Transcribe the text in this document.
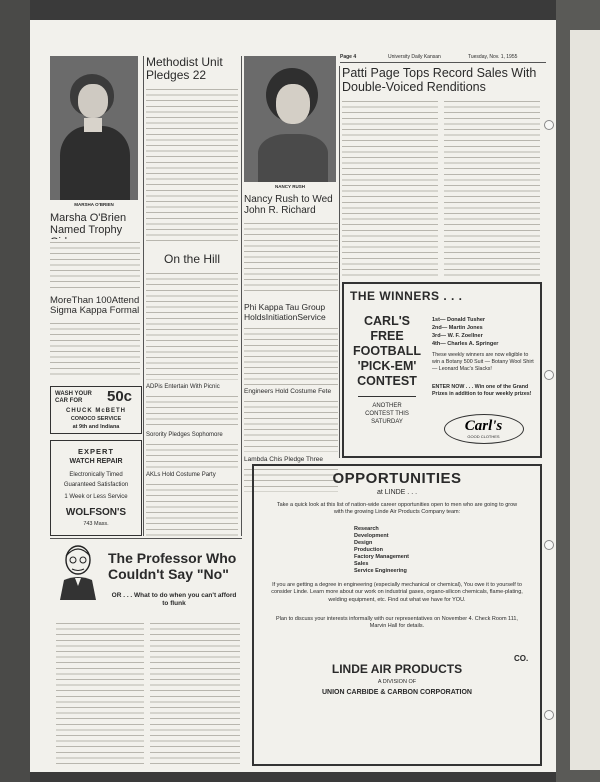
Page 4	University Daily Kansan	Tuesday, Nov. 1, 1955
MARSHA O'BRIEN
Marsha O'Brien Named Trophy
MoreThan 100Attend Sigma Kappa Formal
WASH YOUR
CAR FOR 50c
CHUCK McBETH
CONOCO SERVICE
at 9th and Indiana
EXPERT
WATCH REPAIR
Electronically Timed
Guaranteed Satisfaction
1 Week or Less Service
WOLFSON'S
743 Mass.
Methodist Unit Pledges 22
On the Hill
ADPis Entertain With Picnic
Sorority Pledges Sophomore
AKLs Hold Costume Party
NANCY RUSH
Nancy Rush to Wed John R. Richard
Phi Kappa Tau Group HoldsInitiationService
Engineers Hold Costume Fete
Lambda Chis Pledge Three
Patti Page Tops Record Sales With Double-Voiced Renditions
THE WINNERS . . .
CARL'S
FREE
FOOTBALL
'PICK-EM'
CONTEST
ANOTHER
CONTEST THIS
SATURDAY
1st— Donald Tusher
2nd— Martin Jones
3rd— W. F. Zoellner
4th— Charles A. Springer
These weekly winners are now eligible to win a Botany 500 Suit — Botany Wool Shirt — Leonard Mac's Slacks!
ENTER NOW . . . Win one of the Grand Prizes in addition to four weekly prizes!
Carl's
GOOD CLOTHES
The Professor Who Couldn't Say "No"
OR . . . What to do when you can't afford to flunk
OPPORTUNITIES
at LINDE . . .
Take a quick look at this list of nation-wide career opportunities open to men who are going to grow with the growing Linde Air Products Company team:
Research
Development
Design
Production
Factory Management
Sales
Service Engineering
If you are getting a degree in engineering (especially mechanical or chemical), You owe it to yourself to consider Linde. Learn more about our work on industrial gases, organo-silicon chemicals, flame-plating, welding equipment, etc. Find out what we have for YOU.
Plan to discuss your interests informally with our representatives on November 4. Check Room 111, Marvin Hall for details.
CO.
LINDE AIR PRODUCTS
A DIVISION OF
UNION CARBIDE & CARBON CORPORATION
